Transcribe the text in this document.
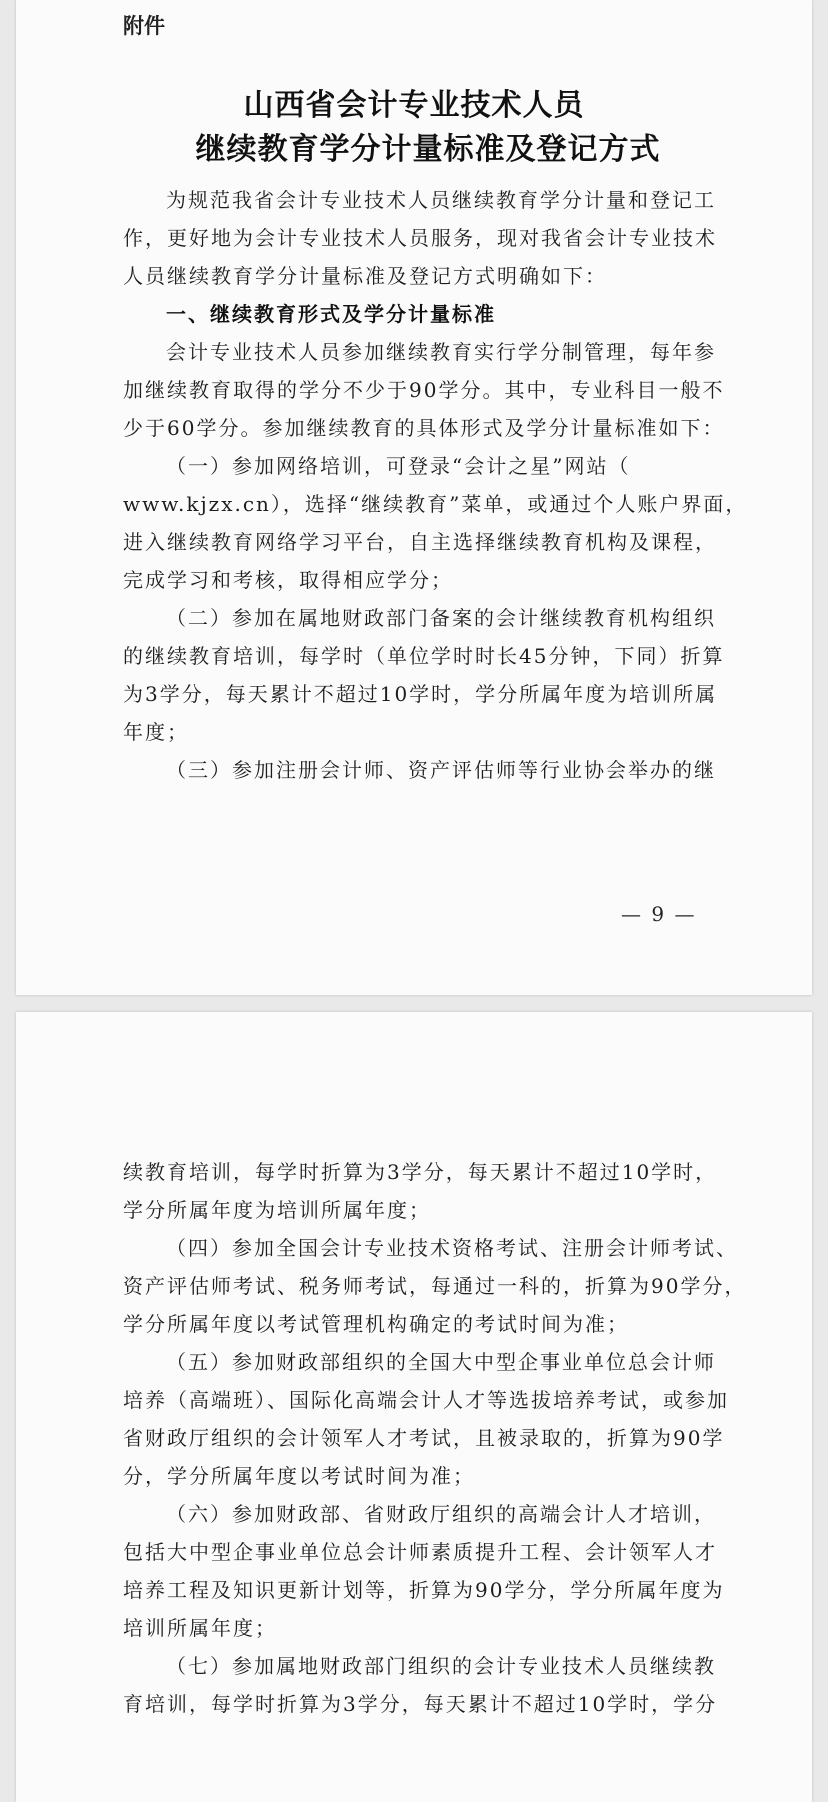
附件
山西省会计专业技术人员
继续教育学分计量标准及登记方式
为规范我省会计专业技术人员继续教育学分计量和登记工
作，更好地为会计专业技术人员服务，现对我省会计专业技术
人员继续教育学分计量标准及登记方式明确如下：
一、继续教育形式及学分计量标准
会计专业技术人员参加继续教育实行学分制管理，每年参
加继续教育取得的学分不少于90学分。其中，专业科目一般不
少于60学分。参加继续教育的具体形式及学分计量标准如下：
（一）参加网络培训，可登录“会计之星”网站（
www.kjzx.cn），选择“继续教育”菜单，或通过个人账户界面，
进入继续教育网络学习平台，自主选择继续教育机构及课程，
完成学习和考核，取得相应学分；
（二）参加在属地财政部门备案的会计继续教育机构组织
的继续教育培训，每学时（单位学时时长45分钟，下同）折算
为3学分，每天累计不超过10学时，学分所属年度为培训所属
年度；
（三）参加注册会计师、资产评估师等行业协会举办的继
— 9 —
续教育培训，每学时折算为3学分，每天累计不超过10学时，
学分所属年度为培训所属年度；
（四）参加全国会计专业技术资格考试、注册会计师考试、
资产评估师考试、税务师考试，每通过一科的，折算为90学分，
学分所属年度以考试管理机构确定的考试时间为准；
（五）参加财政部组织的全国大中型企事业单位总会计师
培养（高端班）、国际化高端会计人才等选拔培养考试，或参加
省财政厅组织的会计领军人才考试，且被录取的，折算为90学
分，学分所属年度以考试时间为准；
（六）参加财政部、省财政厅组织的高端会计人才培训，
包括大中型企事业单位总会计师素质提升工程、会计领军人才
培养工程及知识更新计划等，折算为90学分，学分所属年度为
培训所属年度；
（七）参加属地财政部门组织的会计专业技术人员继续教
育培训，每学时折算为3学分，每天累计不超过10学时，学分
